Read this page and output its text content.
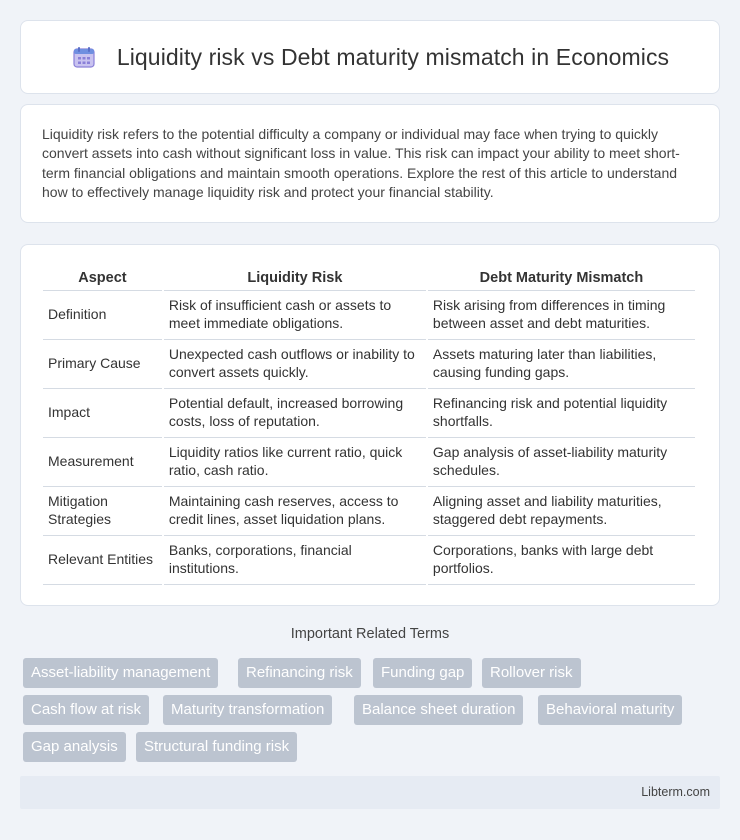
Liquidity risk vs Debt maturity mismatch in Economics

Liquidity risk refers to the potential difficulty a company or individual may face when trying to quickly convert assets into cash without significant loss in value. This risk can impact your ability to meet short-term financial obligations and maintain smooth operations. Explore the rest of this article to understand how to effectively manage liquidity risk and protect your financial stability.

Aspect	Liquidity Risk	Debt Maturity Mismatch
Definition	Risk of insufficient cash or assets to meet immediate obligations.	Risk arising from differences in timing between asset and debt maturities.
Primary Cause	Unexpected cash outflows or inability to convert assets quickly.	Assets maturing later than liabilities, causing funding gaps.
Impact	Potential default, increased borrowing costs, loss of reputation.	Refinancing risk and potential liquidity shortfalls.
Measurement	Liquidity ratios like current ratio, quick ratio, cash ratio.	Gap analysis of asset-liability maturity schedules.
Mitigation Strategies	Maintaining cash reserves, access to credit lines, asset liquidation plans.	Aligning asset and liability maturities, staggered debt repayments.
Relevant Entities	Banks, corporations, financial institutions.	Corporations, banks with large debt portfolios.
Important Related Terms
Asset-liability management	Refinancing risk	Funding gap	Rollover risk
Cash flow at risk	Maturity transformation	Balance sheet duration	Behavioral maturity
Gap analysis	Structural funding risk
Libterm.com
